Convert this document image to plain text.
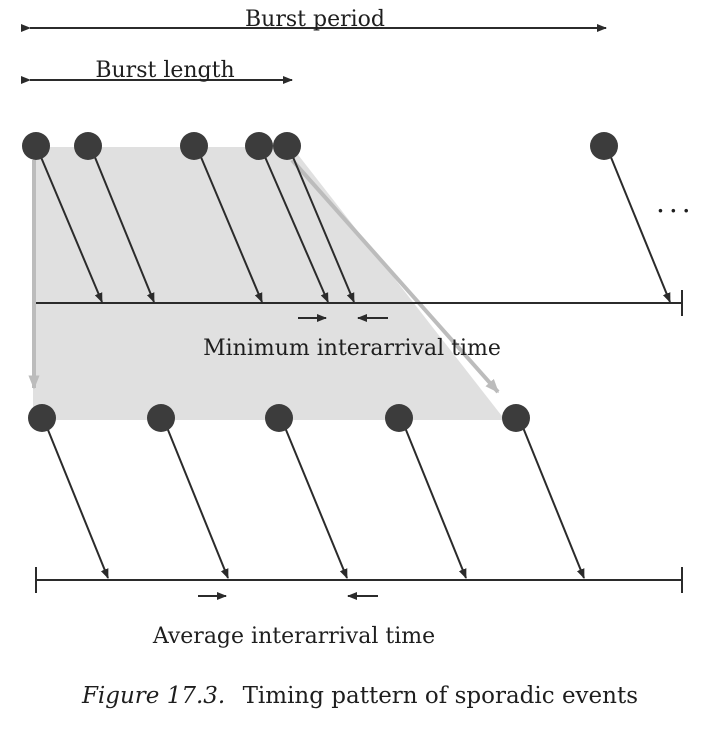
Burst period
Burst length
...
Minimum interarrival time
Average interarrival time
Figure 17.3. Timing pattern of sporadic events
